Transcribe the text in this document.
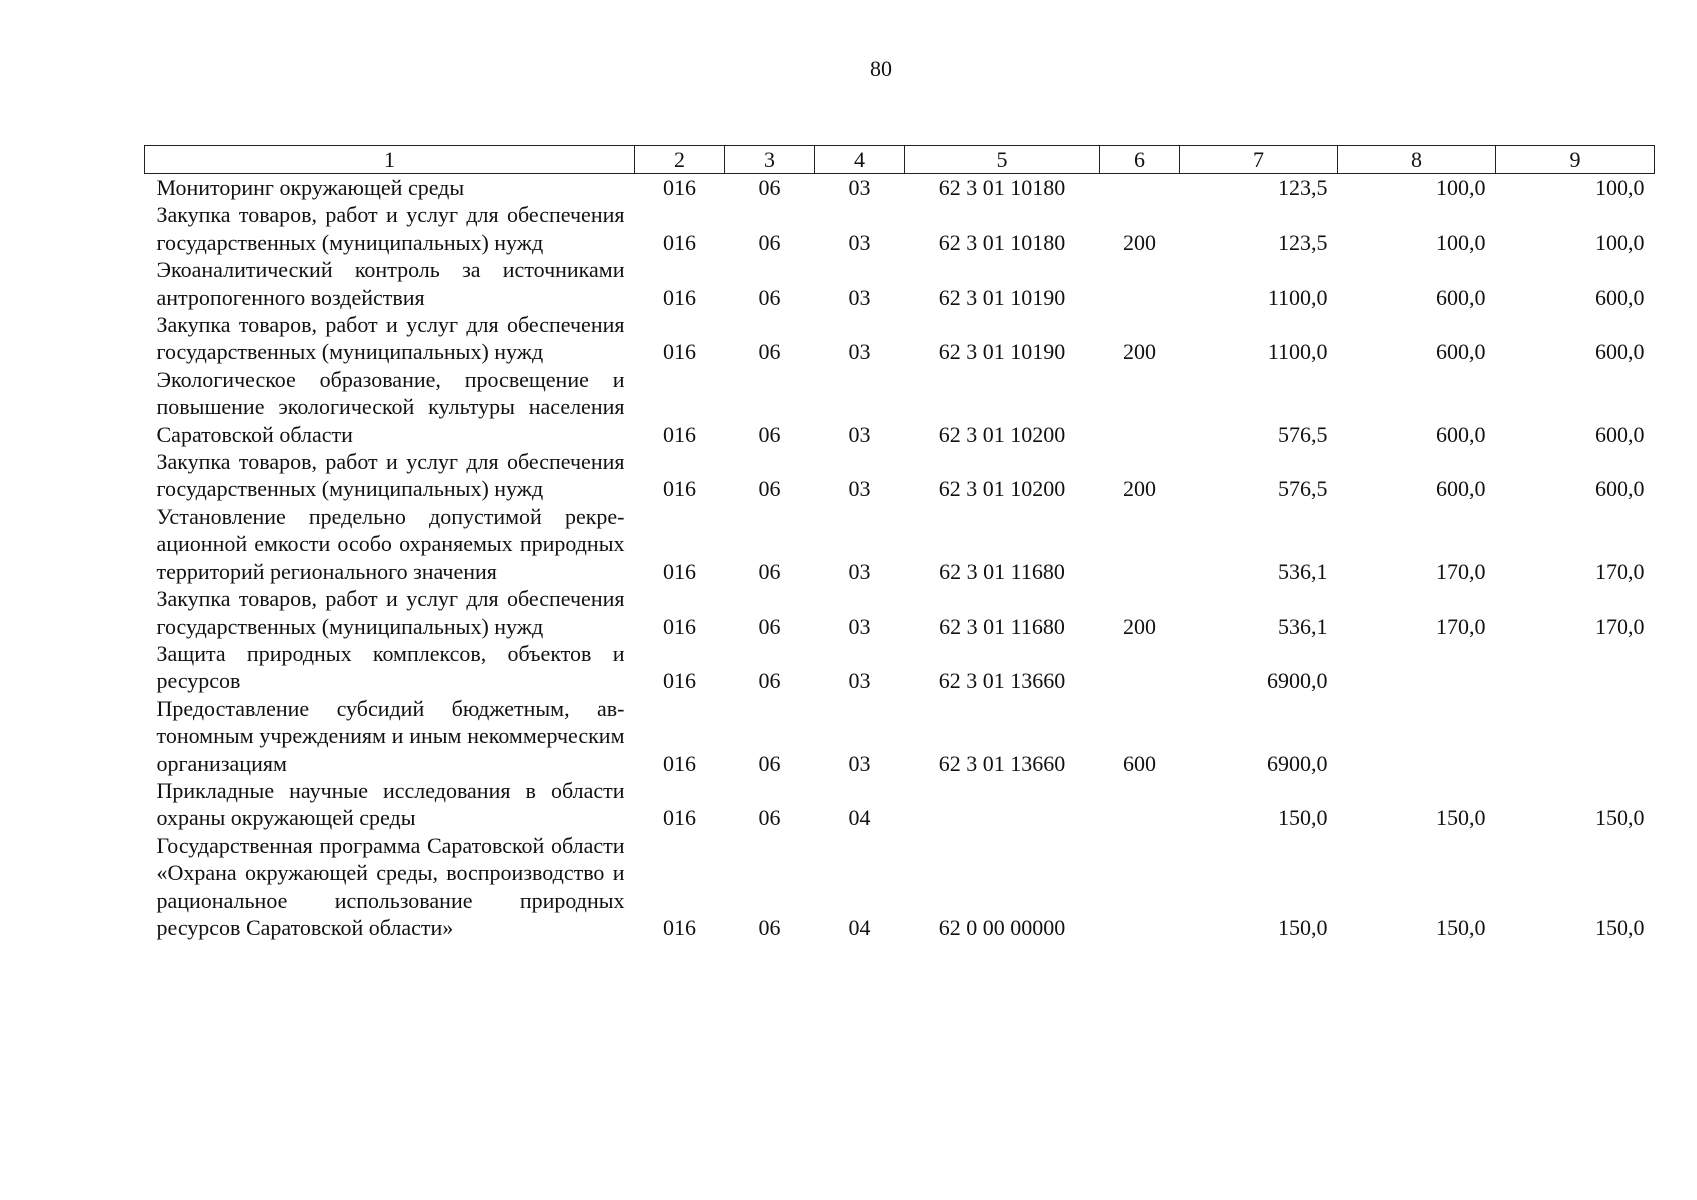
80
1	2	3	4	5	6	7	8	9
Мониторинг окружающей среды	016	06	03	62 3 01 10180		123,5	100,0	100,0
Закупка товаров, работ и услуг для обеспечения государственных (муниципальных) нужд	016	06	03	62 3 01 10180	200	123,5	100,0	100,0
Экоаналитический контроль за источниками антропогенного воздействия	016	06	03	62 3 01 10190		1100,0	600,0	600,0
Закупка товаров, работ и услуг для обеспечения государственных (муниципальных) нужд	016	06	03	62 3 01 10190	200	1100,0	600,0	600,0
Экологическое образование, просвещение и повышение экологической культуры населения Саратовской области	016	06	03	62 3 01 10200		576,5	600,0	600,0
Закупка товаров, работ и услуг для обеспечения государственных (муниципальных) нужд	016	06	03	62 3 01 10200	200	576,5	600,0	600,0
Установление предельно допустимой рекреационной емкости особо охраняемых природных территорий регионального значения	016	06	03	62 3 01 11680		536,1	170,0	170,0
Закупка товаров, работ и услуг для обеспечения государственных (муниципальных) нужд	016	06	03	62 3 01 11680	200	536,1	170,0	170,0
Защита природных комплексов, объектов и ресурсов	016	06	03	62 3 01 13660		6900,0		
Предоставление субсидий бюджетным, автономным учреждениям и иным некоммерческим организациям	016	06	03	62 3 01 13660	600	6900,0		
Прикладные научные исследования в области охраны окружающей среды	016	06	04			150,0	150,0	150,0
Государственная программа Саратовской области «Охрана окружающей среды, воспроизводство и рациональное использование природных ресурсов Саратовской области»	016	06	04	62 0 00 00000		150,0	150,0	150,0
